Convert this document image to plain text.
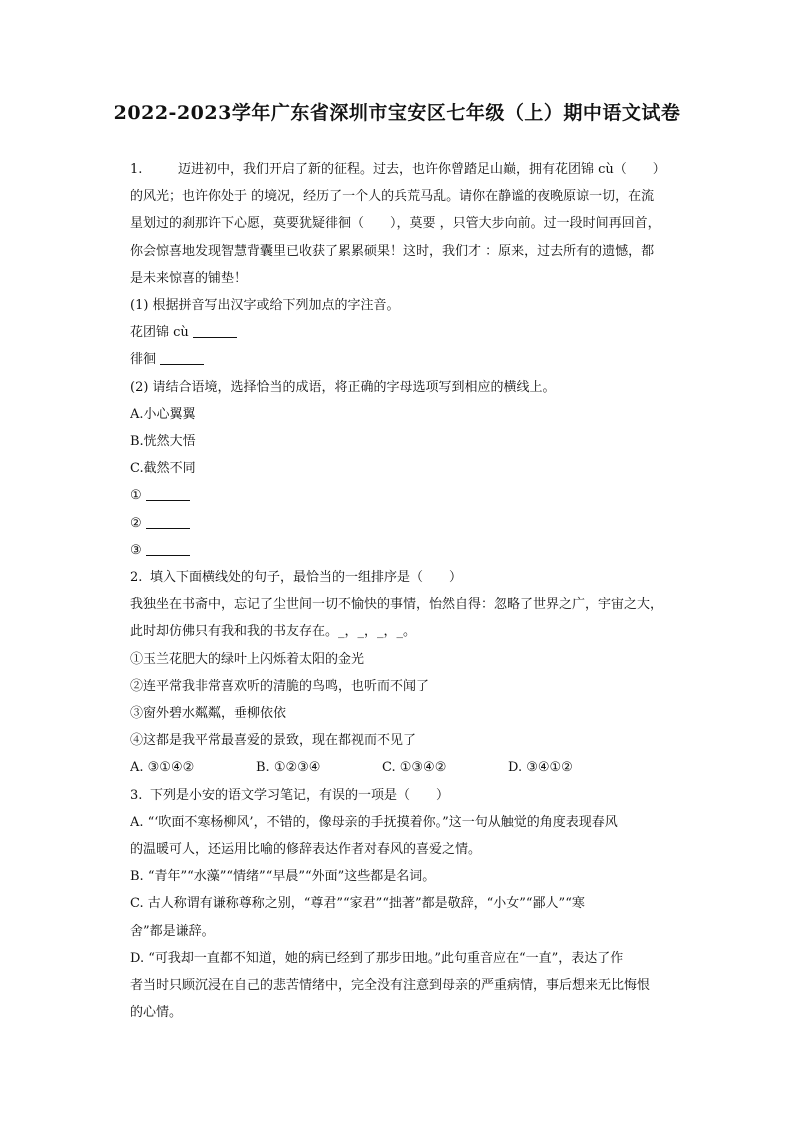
2022-2023学年广东省深圳市宝安区七年级（上）期中语文试卷
1.	迈进初中，我们开启了新的征程。过去，也许你曾踏足山巅，拥有花团锦 cù（　　）
的风光；也许你处于 的境况，经历了一个人的兵荒马乱。请你在静谧的夜晚原谅一切，在流
星划过的刹那许下心愿，莫要犹疑徘徊（　　），莫要 ，只管大步向前。过一段时间再回首，
你会惊喜地发现智慧背囊里已收获了累累硕果！这时，我们才 ：原来，过去所有的遗憾，都
是未来惊喜的铺垫！
(1) 根据拼音写出汉字或给下列加点的字注音。
花团锦 cù
徘徊
(2) 请结合语境，选择恰当的成语，将正确的字母选项写到相应的横线上。
A.小心翼翼
B.恍然大悟
C.截然不同
①
②
③
2. 填入下面横线处的句子，最恰当的一组排序是（　　）
我独坐在书斋中，忘记了尘世间一切不愉快的事情，怡然自得：忽略了世界之广，宇宙之大，
此时却仿佛只有我和我的书友存在。_，_，_，_。
①玉兰花肥大的绿叶上闪烁着太阳的金光
②连平常我非常喜欢听的清脆的鸟鸣，也听而不闻了
③窗外碧水粼粼，垂柳依依
④这都是我平常最喜爱的景致，现在都视而不见了
A. ③①④②	B. ①②③④	C. ①③④②	D. ③④①②
3. 下列是小安的语文学习笔记，有误的一项是（　　）
A. “‘吹面不寒杨柳风’，不错的，像母亲的手抚摸着你。”这一句从触觉的角度表现春风
的温暖可人，还运用比喻的修辞表达作者对春风的喜爱之情。
B. “青年”“水藻”“情绪”“早晨”“外面”这些都是名词。
C. 古人称谓有谦称尊称之别，“尊君”“家君”“拙著”都是敬辞，“小女”“鄙人”“寒
舍”都是谦辞。
D. “可我却一直都不知道，她的病已经到了那步田地。”此句重音应在“一直”，表达了作
者当时只顾沉浸在自己的悲苦情绪中，完全没有注意到母亲的严重病情，事后想来无比悔恨
的心情。
